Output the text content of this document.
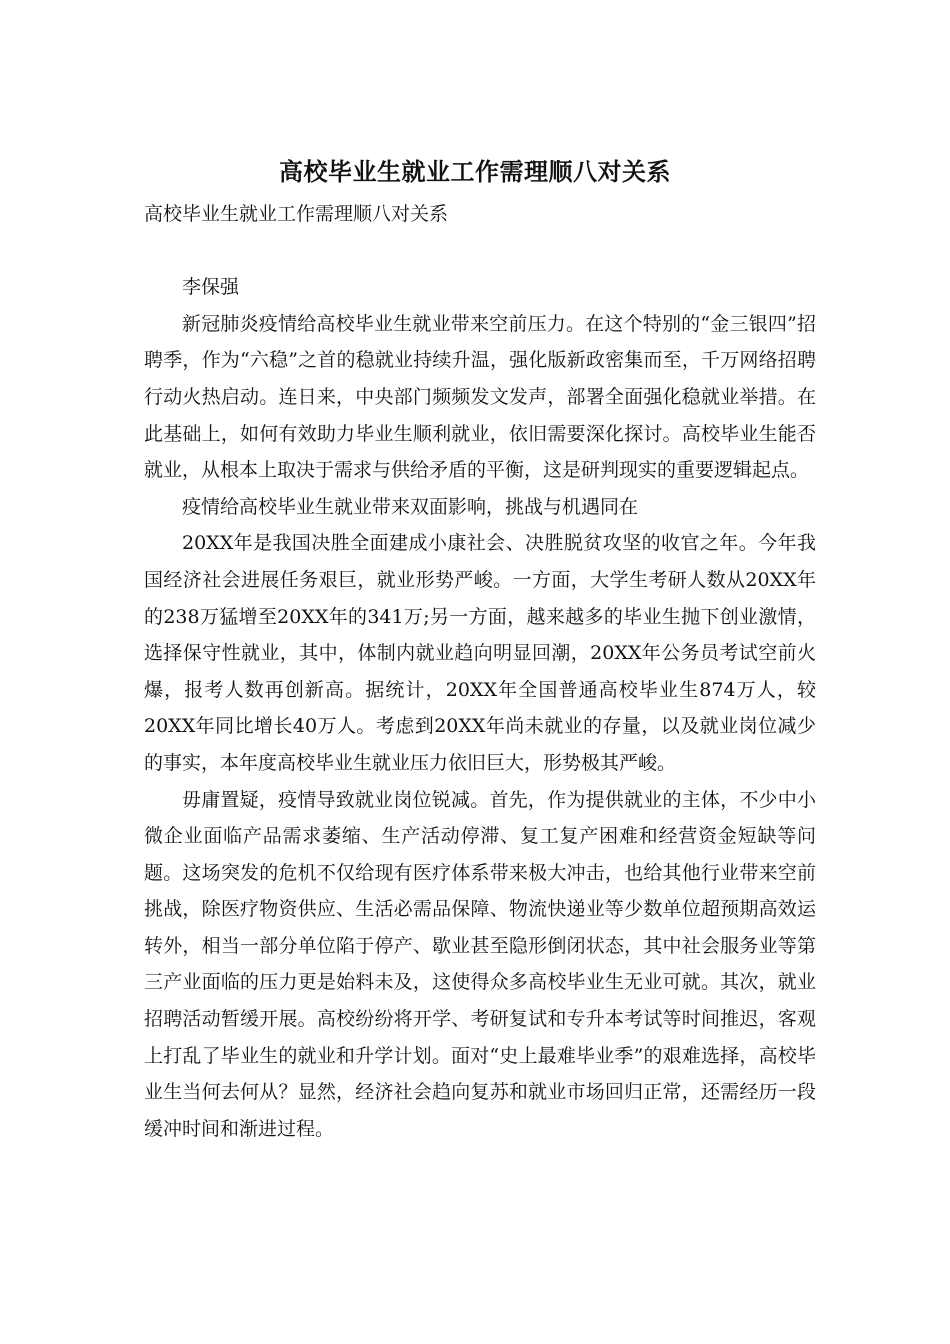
高校毕业生就业工作需理顺八对关系

高校毕业生就业工作需理顺八对关系

李保强

新冠肺炎疫情给高校毕业生就业带来空前压力。在这个特别的“金三银四”招聘季，作为“六稳”之首的稳就业持续升温，强化版新政密集而至，千万网络招聘行动火热启动。连日来，中央部门频频发文发声，部署全面强化稳就业举措。在此基础上，如何有效助力毕业生顺利就业，依旧需要深化探讨。高校毕业生能否就业，从根本上取决于需求与供给矛盾的平衡，这是研判现实的重要逻辑起点。

疫情给高校毕业生就业带来双面影响，挑战与机遇同在

20XX年是我国决胜全面建成小康社会、决胜脱贫攻坚的收官之年。今年我国经济社会进展任务艰巨，就业形势严峻。一方面，大学生考研人数从20XX年的238万猛增至20XX年的341万;另一方面，越来越多的毕业生抛下创业激情，选择保守性就业，其中，体制内就业趋向明显回潮，20XX年公务员考试空前火爆，报考人数再创新高。据统计，20XX年全国普通高校毕业生874万人，较20XX年同比增长40万人。考虑到20XX年尚未就业的存量，以及就业岗位减少的事实，本年度高校毕业生就业压力依旧巨大，形势极其严峻。

毋庸置疑，疫情导致就业岗位锐减。首先，作为提供就业的主体，不少中小微企业面临产品需求萎缩、生产活动停滞、复工复产困难和经营资金短缺等问题。这场突发的危机不仅给现有医疗体系带来极大冲击，也给其他行业带来空前挑战，除医疗物资供应、生活必需品保障、物流快递业等少数单位超预期高效运转外，相当一部分单位陷于停产、歇业甚至隐形倒闭状态，其中社会服务业等第三产业面临的压力更是始料未及，这使得众多高校毕业生无业可就。其次，就业招聘活动暂缓开展。高校纷纷将开学、考研复试和专升本考试等时间推迟，客观上打乱了毕业生的就业和升学计划。面对“史上最难毕业季”的艰难选择，高校毕业生当何去何从？显然，经济社会趋向复苏和就业市场回归正常，还需经历一段缓冲时间和渐进过程。
